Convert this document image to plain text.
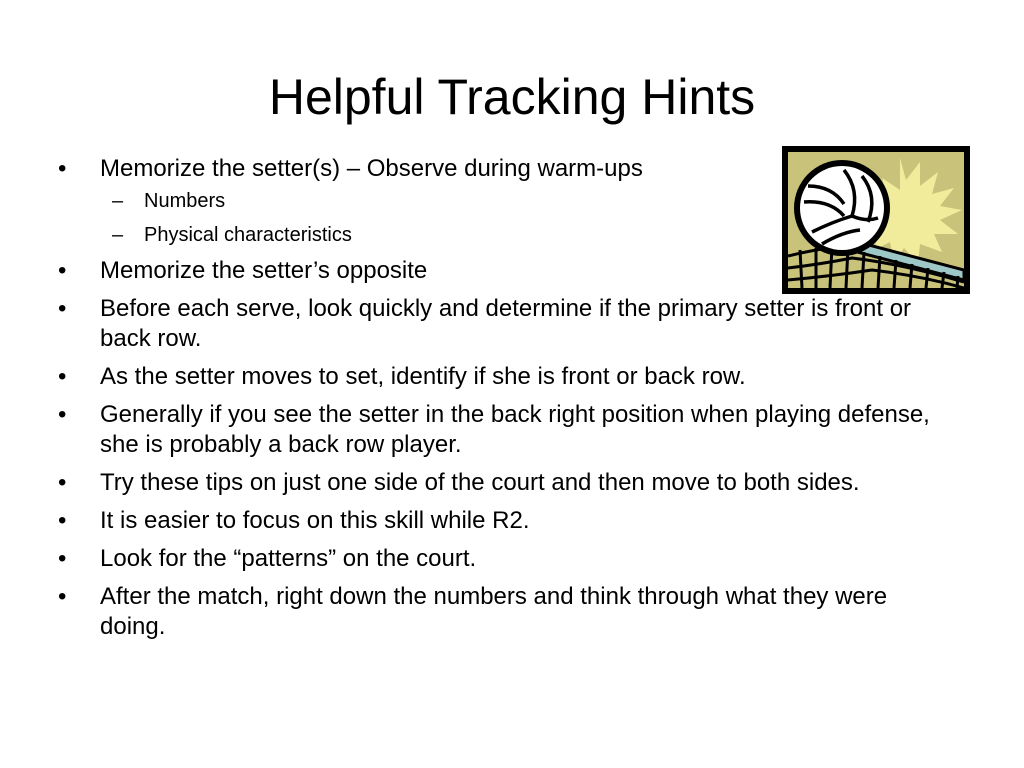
Helpful Tracking Hints
• Memorize the setter(s) – Observe during warm-ups
– Numbers
– Physical characteristics
• Memorize the setter’s opposite
• Before each serve, look quickly and determine if the primary setter is front or back row.
• As the setter moves to set, identify if she is front or back row.
• Generally if you see the setter in the back right position when playing defense, she is probably a back row player.
• Try these tips on just one side of the court and then move to both sides.
• It is easier to focus on this skill while R2.
• Look for the “patterns” on the court.
• After the match, right down the numbers and think through what they were doing.
